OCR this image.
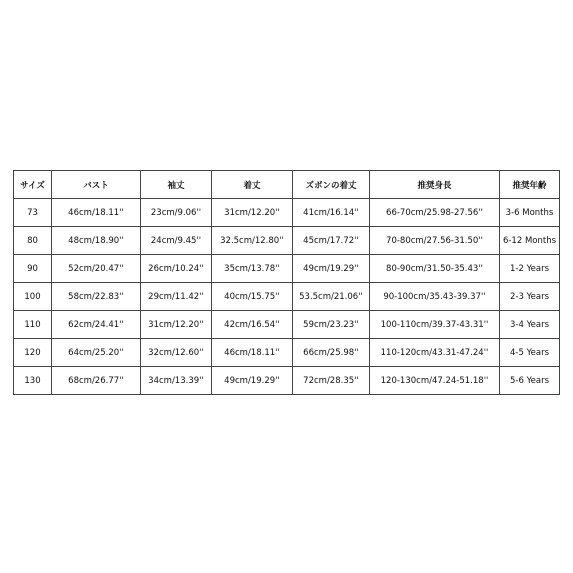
サイズ	バスト	袖丈	着丈	ズボンの着丈	推奨身長	推奨年齢
73	46cm/18.11''	23cm/9.06''	31cm/12.20''	41cm/16.14''	66-70cm/25.98-27.56''	3-6 Months
80	48cm/18.90''	24cm/9.45''	32.5cm/12.80''	45cm/17.72''	70-80cm/27.56-31.50''	6-12 Months
90	52cm/20.47''	26cm/10.24''	35cm/13.78''	49cm/19.29''	80-90cm/31.50-35.43''	1-2 Years
100	58cm/22.83''	29cm/11.42''	40cm/15.75''	53.5cm/21.06''	90-100cm/35.43-39.37''	2-3 Years
110	62cm/24.41''	31cm/12.20''	42cm/16.54''	59cm/23.23''	100-110cm/39.37-43.31''	3-4 Years
120	64cm/25.20''	32cm/12.60''	46cm/18.11''	66cm/25.98''	110-120cm/43.31-47.24''	4-5 Years
130	68cm/26.77''	34cm/13.39''	49cm/19.29''	72cm/28.35''	120-130cm/47.24-51.18''	5-6 Years
